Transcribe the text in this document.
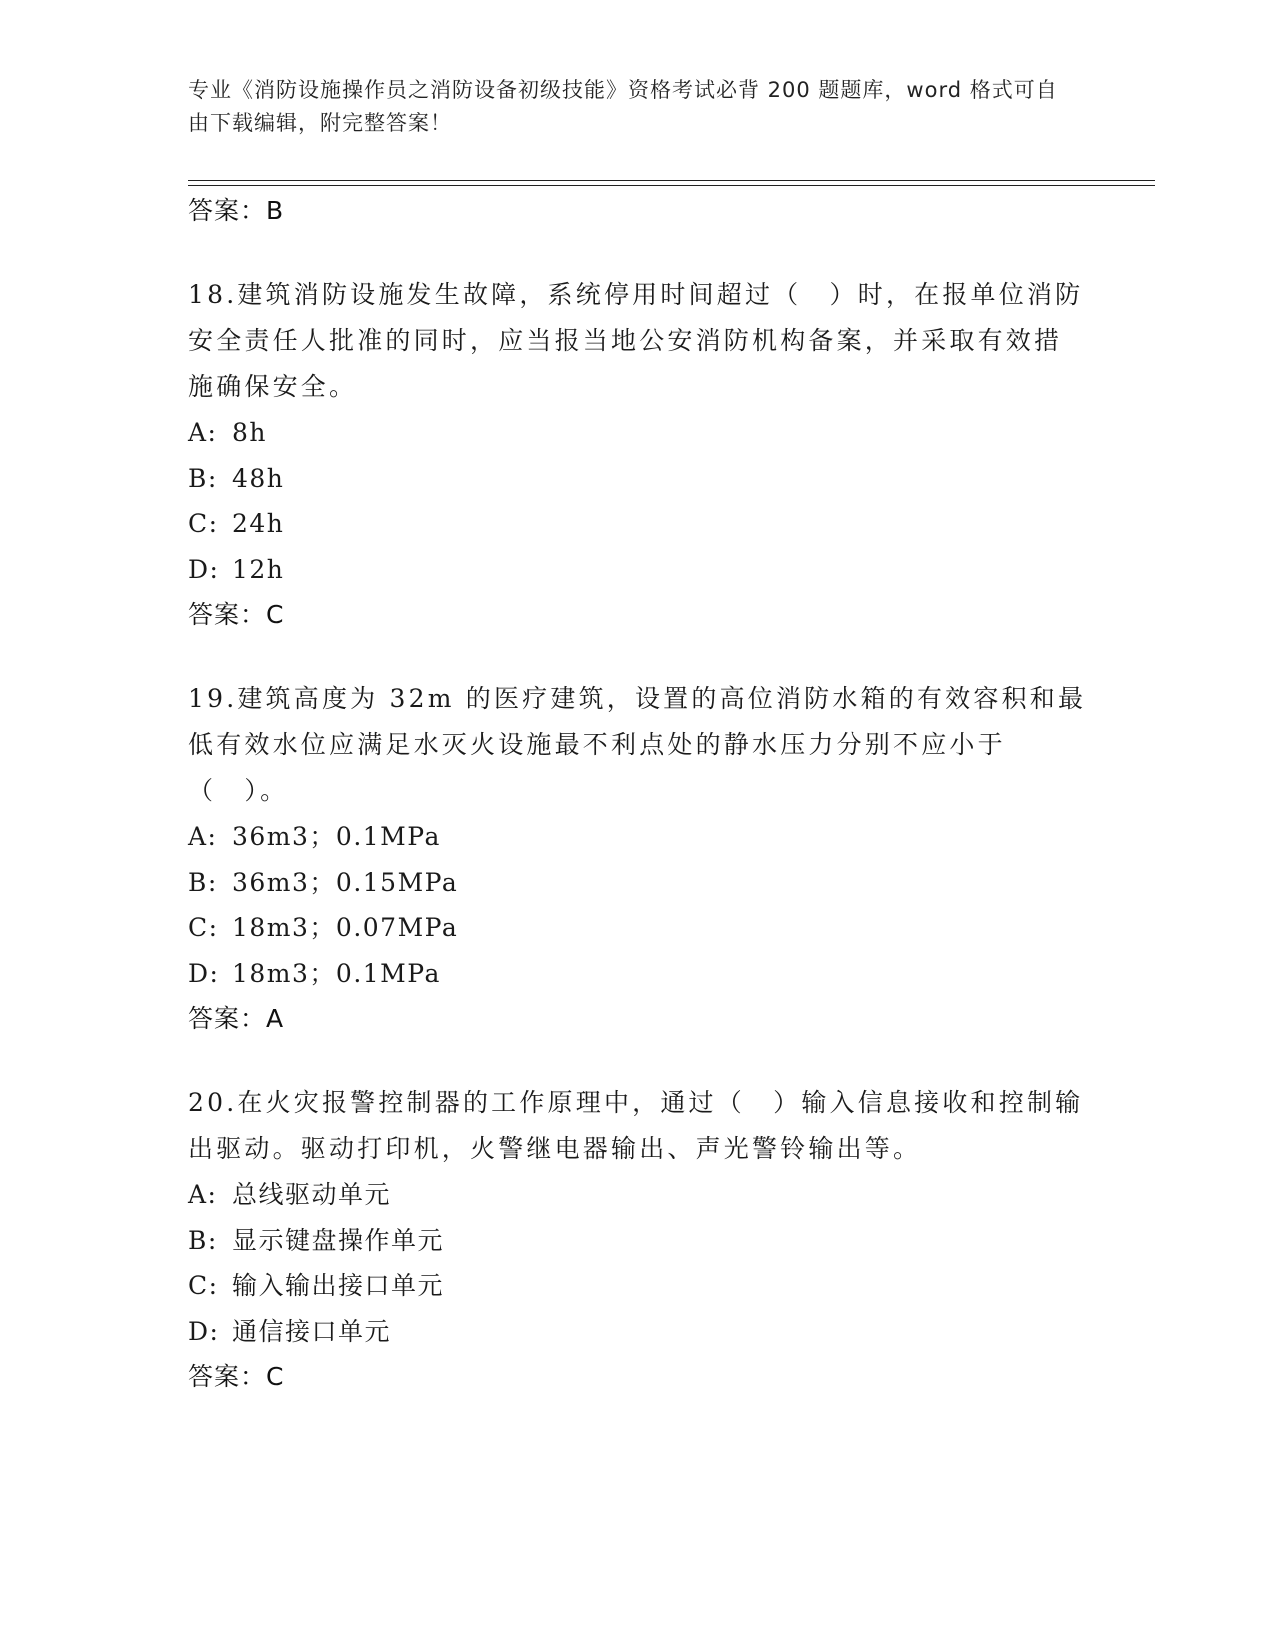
专业《消防设施操作员之消防设备初级技能》资格考试必背 200 题题库，word 格式可自由下载编辑，附完整答案！

答案：B

18.建筑消防设施发生故障，系统停用时间超过（　）时，在报单位消防安全责任人批准的同时，应当报当地公安消防机构备案，并采取有效措施确保安全。

A: 8h

B: 48h

C: 24h

D: 12h

答案：C

19.建筑高度为 32m 的医疗建筑，设置的高位消防水箱的有效容积和最低有效水位应满足水灭火设施最不利点处的静水压力分别不应小于（　）。

A: 36m3；0.1MPa

B: 36m3；0.15MPa

C: 18m3；0.07MPa

D: 18m3；0.1MPa

答案：A

20.在火灾报警控制器的工作原理中，通过（　）输入信息接收和控制输出驱动。驱动打印机，火警继电器输出、声光警铃输出等。

A: 总线驱动单元

B: 显示键盘操作单元

C: 输入输出接口单元

D: 通信接口单元

答案：C
